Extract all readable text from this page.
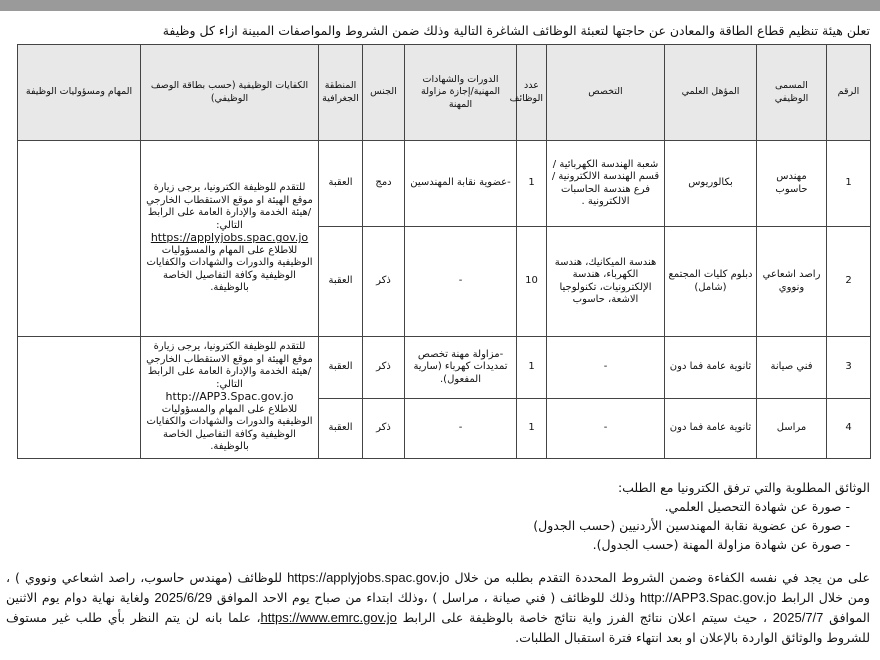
تعلن هيئة تنظيم قطاع الطاقة والمعادن عن حاجتها لتعبئة الوظائف الشاغرة التالية وذلك ضمن الشروط والمواصفات المبينة ازاء كل وظيفة

الرقم	المسمى الوظيفي	المؤهل العلمي	التخصص	عدد الوظائف	الدورات والشهادات المهنية/إجازة مزاولة المهنة	الجنس	المنطقة الجغرافية	الكفايات الوظيفية (حسب بطاقة الوصف الوظيفي)	المهام ومسؤوليات الوظيفة
1	مهندس حاسوب	بكالوريوس	شعبة الهندسة الكهربائية /قسم الهندسة الالكترونية / فرع هندسة الحاسبات الالكترونية .	1	-عضوية نقابة المهندسين	دمج	العقبة	للتقدم للوظيفة الكترونيا، يرجى زيارة موقع الهيئة او موقع الاستقطاب الخارجي /هيئة الخدمة والإدارة العامة على الرابط التالي:
https://applyjobs.spac.gov.jo
للاطلاع على المهام والمسؤوليات الوظيفية والدورات والشهادات والكفايات الوظيفية وكافة التفاصيل الخاصة بالوظيفة.	
2	راصد اشعاعي ونووي	دبلوم كليات المجتمع (شامل)	هندسة الميكانيك، هندسة الكهرباء، هندسة الإلكترونيات، تكنولوجيا الاشعة، حاسوب	10	-	ذكر	العقبة		
3	فني صيانة	ثانوية عامة فما دون	-	1	-مزاولة مهنة تخصص تمديدات كهرباء (سارية المفعول).	ذكر	العقبة	للتقدم للوظيفة الكترونيا، يرجى زيارة موقع الهيئة او موقع الاستقطاب الخارجي /هيئة الخدمة والإدارة العامة على الرابط التالي:
http://APP3.Spac.gov.jo
للاطلاع على المهام والمسؤوليات الوظيفية والدورات والشهادات والكفايات الوظيفية وكافة التفاصيل الخاصة بالوظيفة.	
4	مراسل	ثانوية عامة فما دون	-	1	-	ذكر	العقبة		

الوثائق المطلوبة والتي ترفق الكترونيا مع الطلب:

- صورة عن شهادة التحصيل العلمي.
- صورة عن عضوية نقابة المهندسين الأردنيين (حسب الجدول)
- صورة عن شهادة مزاولة المهنة (حسب الجدول).

على من يجد في نفسه الكفاءة وضمن الشروط المحددة التقدم بطلبه من خلال https://applyjobs.spac.gov.jo للوظائف (مهندس حاسوب، راصد اشعاعي ونووي ) ، ومن خلال الرابط http://APP3.Spac.gov.jo وذلك للوظائف ( فني صيانة ، مراسل ) ،وذلك ابتداء من صباح يوم الاحد الموافق 2025/6/29 ولغاية نهاية دوام يوم الاثنين الموافق 2025/7/7 ، حيث سيتم اعلان نتائج الفرز واية نتائج خاصة بالوظيفة على الرابط https://www.emrc.gov.jo، علما بانه لن يتم النظر بأي طلب غير مستوف للشروط والوثائق الواردة بالإعلان او بعد انتهاء فترة استقبال الطلبات.
